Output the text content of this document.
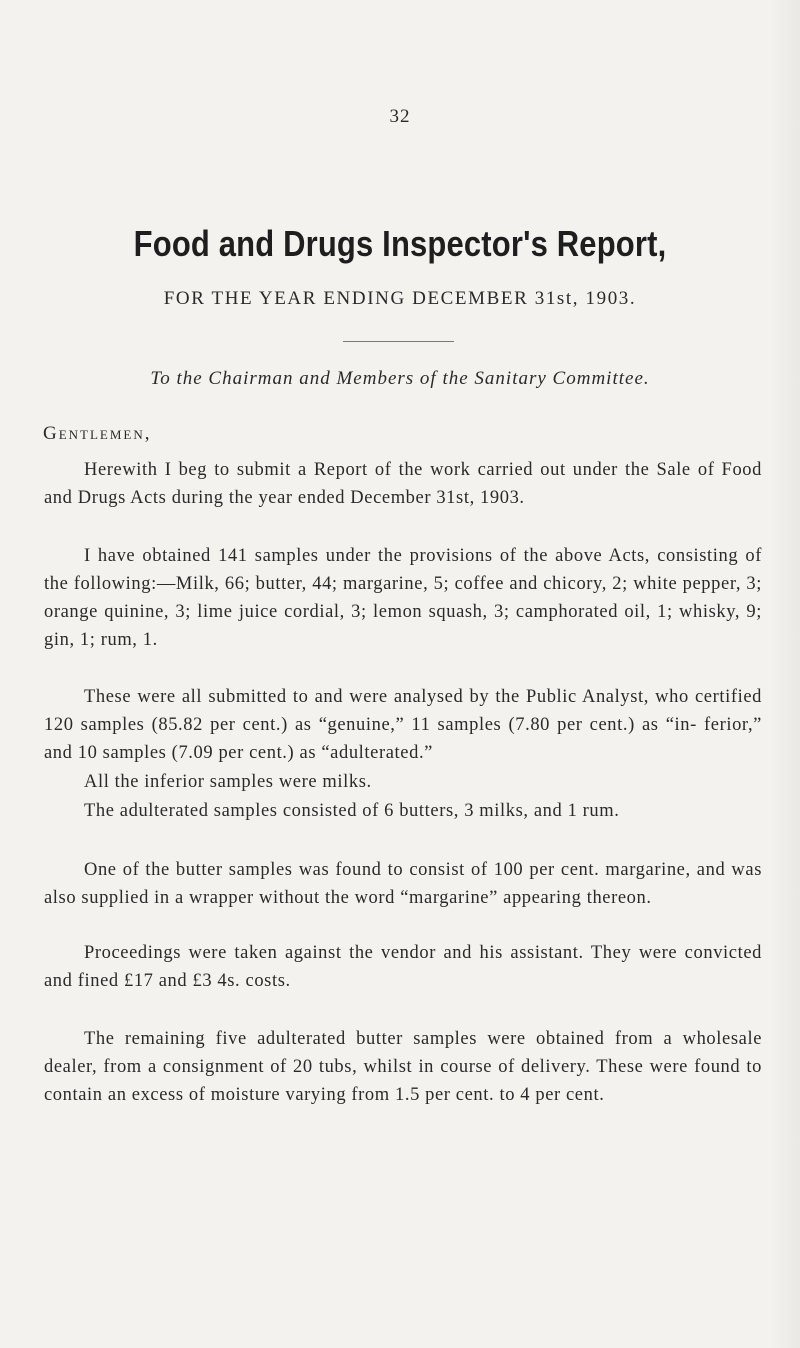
32
Food and Drugs Inspector's Report,
FOR THE YEAR ENDING DECEMBER 31st, 1903.
To the Chairman and Members of the Sanitary Committee.
Gentlemen,

Herewith I beg to submit a Report of the work carried out under the Sale of Food and Drugs Acts during the year ended December 31st, 1903.

I have obtained 141 samples under the provisions of the above Acts, consisting of the following:—Milk, 66; butter, 44; margarine, 5; coffee and chicory, 2; white pepper, 3; orange quinine, 3; lime juice cordial, 3; lemon squash, 3; camphorated oil, 1; whisky, 9; gin, 1; rum, 1.

These were all submitted to and were analysed by the Public Analyst, who certified 120 samples (85.82 per cent.) as “genuine,” 11 samples (7.80 per cent.) as “in- ferior,” and 10 samples (7.09 per cent.) as “adulterated.”

All the inferior samples were milks.

The adulterated samples consisted of 6 butters, 3 milks, and 1 rum.

One of the butter samples was found to consist of 100 per cent. margarine, and was also supplied in a wrapper without the word “margarine” appearing thereon.

Proceedings were taken against the vendor and his assistant. They were convicted and fined £17 and £3 4s. costs.

The remaining five adulterated butter samples were obtained from a wholesale dealer, from a consignment of 20 tubs, whilst in course of delivery. These were found to contain an excess of moisture varying from 1.5 per cent. to 4 per cent.
